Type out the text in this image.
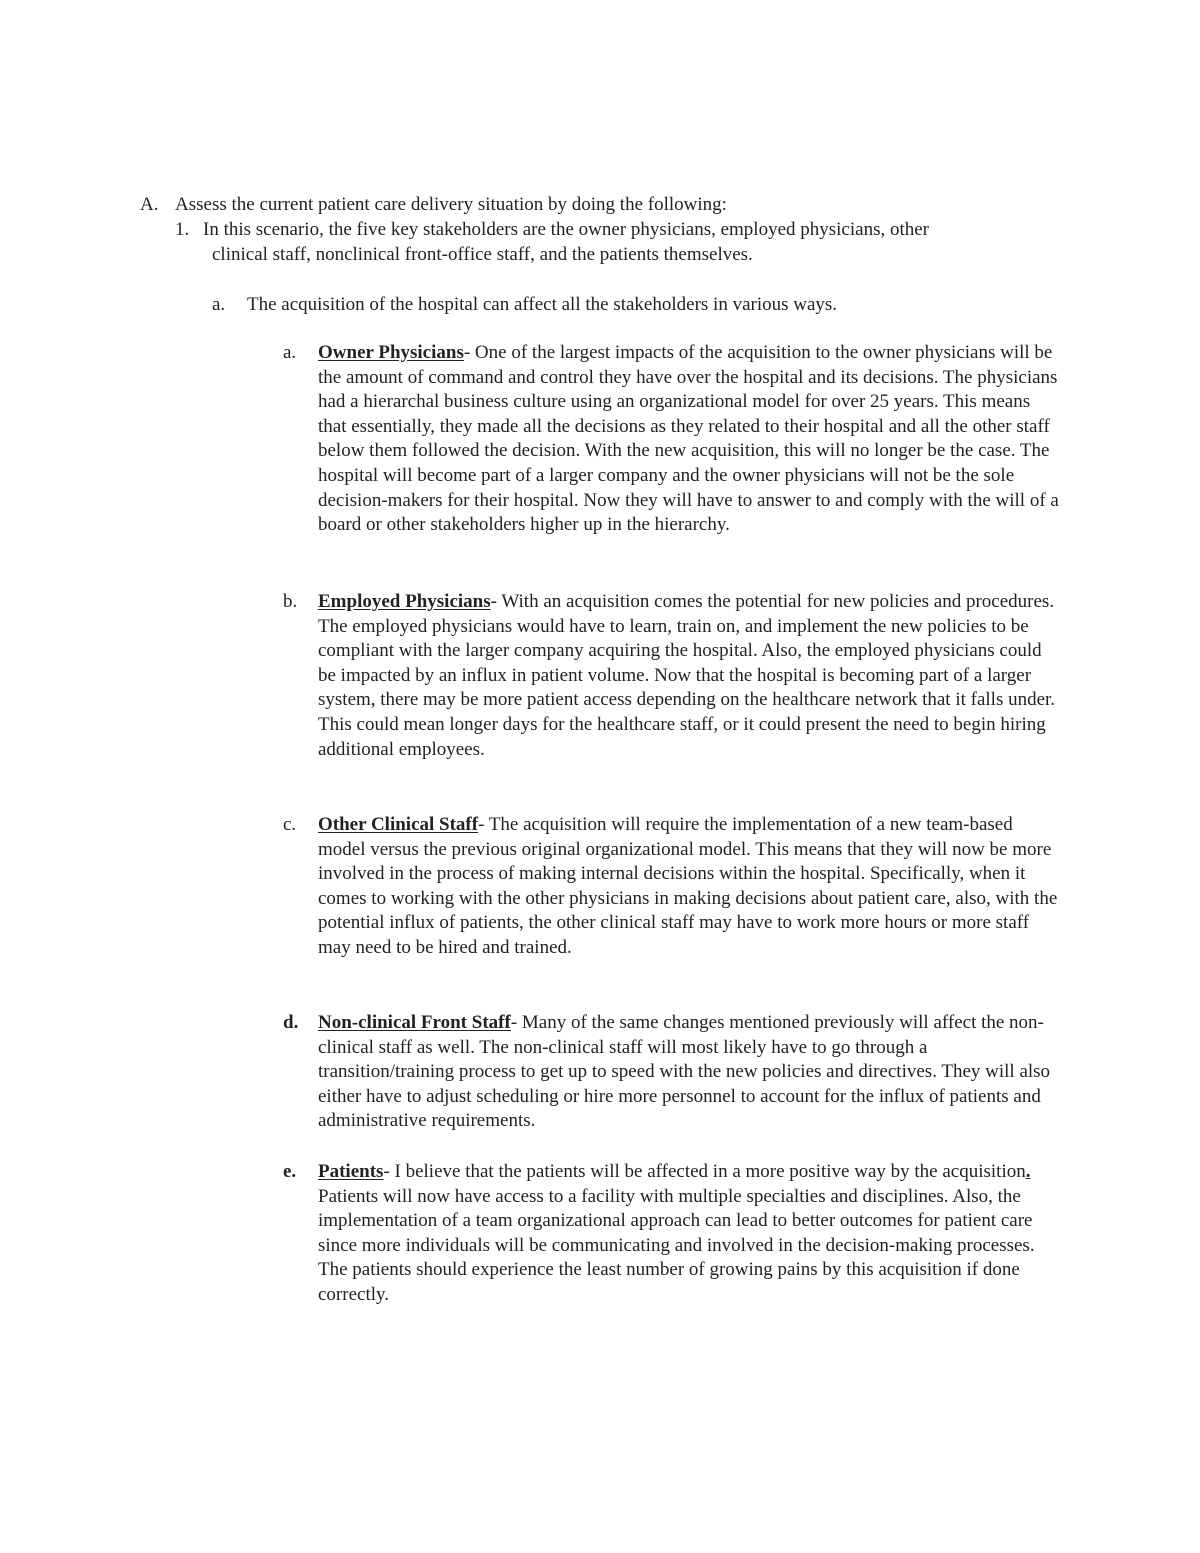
A. Assess the current patient care delivery situation by doing the following:
1. In this scenario, the five key stakeholders are the owner physicians, employed physicians, other
clinical staff, nonclinical front-office staff, and the patients themselves.
a. The acquisition of the hospital can affect all the stakeholders in various ways.
a. Owner Physicians- One of the largest impacts of the acquisition to the owner physicians will be the amount of command and control they have over the hospital and its decisions. The physicians had a hierarchal business culture using an organizational model for over 25 years. This means that essentially, they made all the decisions as they related to their hospital and all the other staff below them followed the decision. With the new acquisition, this will no longer be the case. The hospital will become part of a larger company and the owner physicians will not be the sole decision-makers for their hospital. Now they will have to answer to and comply with the will of a board or other stakeholders higher up in the hierarchy.
b. Employed Physicians- With an acquisition comes the potential for new policies and procedures. The employed physicians would have to learn, train on, and implement the new policies to be compliant with the larger company acquiring the hospital. Also, the employed physicians could be impacted by an influx in patient volume. Now that the hospital is becoming part of a larger system, there may be more patient access depending on the healthcare network that it falls under. This could mean longer days for the healthcare staff, or it could present the need to begin hiring additional employees.
c. Other Clinical Staff- The acquisition will require the implementation of a new team-based model versus the previous original organizational model. This means that they will now be more involved in the process of making internal decisions within the hospital. Specifically, when it comes to working with the other physicians in making decisions about patient care, also, with the potential influx of patients, the other clinical staff may have to work more hours or more staff may need to be hired and trained.
d. Non-clinical Front Staff- Many of the same changes mentioned previously will affect the non-clinical staff as well. The non-clinical staff will most likely have to go through a transition/training process to get up to speed with the new policies and directives. They will also either have to adjust scheduling or hire more personnel to account for the influx of patients and administrative requirements.
e. Patients- I believe that the patients will be affected in a more positive way by the acquisition. Patients will now have access to a facility with multiple specialties and disciplines. Also, the implementation of a team organizational approach can lead to better outcomes for patient care since more individuals will be communicating and involved in the decision-making processes. The patients should experience the least number of growing pains by this acquisition if done correctly.
